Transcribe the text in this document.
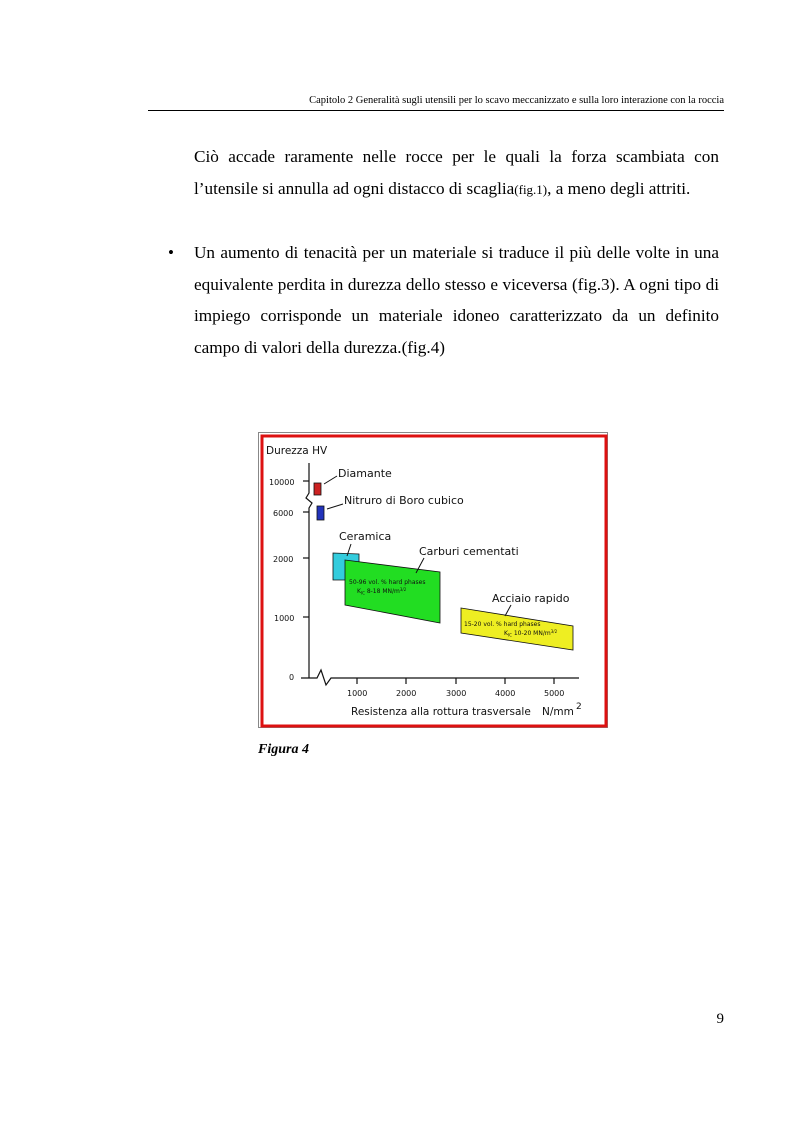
Capitolo 2 Generalità sugli utensili per lo scavo meccanizzato e sulla loro interazione con la roccia

Ciò accade raramente nelle rocce per le quali la forza scambiata con l’utensile si annulla ad ogni distacco di scaglia(fig.1), a meno degli attriti.

• Un aumento di tenacità per un materiale si traduce il più delle volte in una equivalente perdita in durezza dello stesso e viceversa (fig.3). A ogni tipo di impiego corrisponde un materiale idoneo caratterizzato da un definito campo di valori della durezza.(fig.4)

Durezza HV
10000
6000
2000
1000
0
1000	2000	3000	4000	5000
Resistenza alla rottura trasversale N/mm 2
Diamante
Nitruro di Boro cubico
Ceramica
Carburi cementati
50-96 vol. % hard phases
$K_{IC}$ 8-18 $MN/m^{3/2}$
Acciaio rapido
15-20 vol. % hard phases
$K_{IC}$ 10-20 $MN/m^{3/2}$
Figura 4
9
